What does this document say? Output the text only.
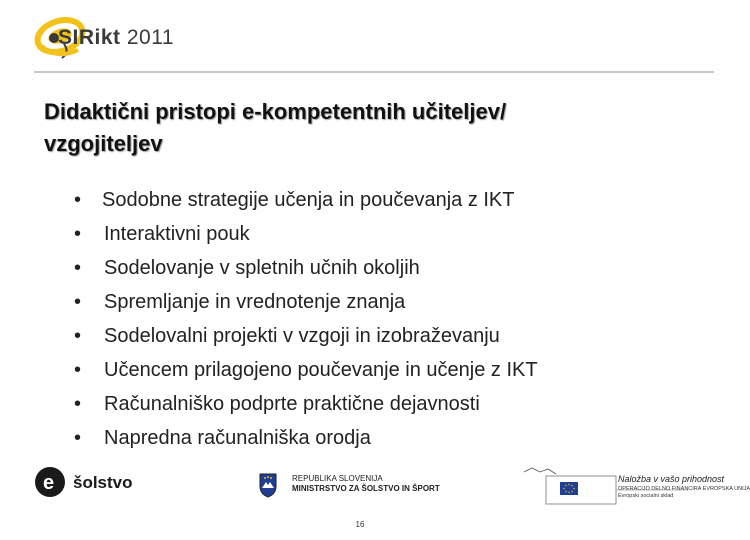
SIRikt 2011
Didaktični pristopi e-kompetentnih učiteljev/
vzgojiteljev
•	Sodobne strategije učenja in poučevanja z IKT
•	Interaktivni pouk
•	Sodelovanje v spletnih učnih okoljih
•	Spremljanje in vrednotenje znanja
•	Sodelovalni projekti v vzgoji in izobraževanju
•	Učencem prilagojeno poučevanje in učenje z IKT
•	Računalniško podprte praktične dejavnosti
•	Napredna računalniška orodja
e šolstvo	REPUBLIKA SLOVENIJA
MINISTRSTVO ZA ŠOLSTVO IN ŠPORT
Naložba v vašo prihodnost
OPERACIJO DELNO FINANCIRA EVROPSKA UNIJA
Evropski socialni sklad
16
